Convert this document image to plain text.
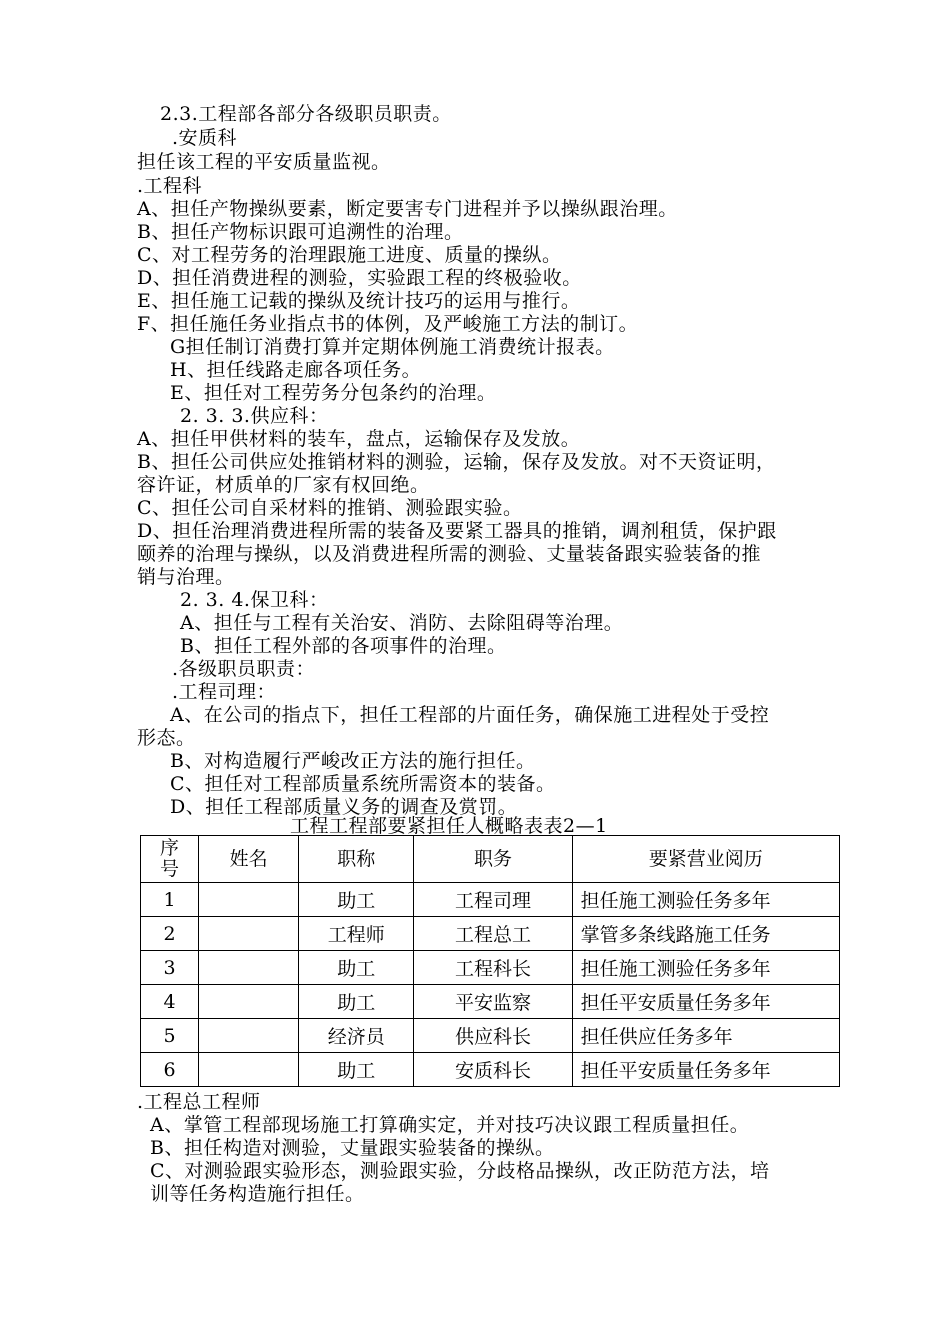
2.3.工程部各部分各级职员职责。
.安质科
担任该工程的平安质量监视。
.工程科
A、担任产物操纵要素，断定要害专门进程并予以操纵跟治理。
B、担任产物标识跟可追溯性的治理。
C、对工程劳务的治理跟施工进度、质量的操纵。
D、担任消费进程的测验，实验跟工程的终极验收。
E、担任施工记载的操纵及统计技巧的运用与推行。
F、担任施任务业指点书的体例，及严峻施工方法的制订。
G担任制订消费打算并定期体例施工消费统计报表。
H、担任线路走廊各项任务。
E、担任对工程劳务分包条约的治理。
2. 3. 3.供应科：
A、担任甲供材料的装车，盘点，运输保存及发放。
B、担任公司供应处推销材料的测验，运输，保存及发放。对不天资证明，
容许证，材质单的厂家有权回绝。
C、担任公司自采材料的推销、测验跟实验。
D、担任治理消费进程所需的装备及要紧工器具的推销，调剂租赁，保护跟
颐养的治理与操纵，以及消费进程所需的测验、丈量装备跟实验装备的推
销与治理。
2. 3. 4.保卫科：
A、担任与工程有关治安、消防、去除阻碍等治理。
B、担任工程外部的各项事件的治理。
.各级职员职责：
.工程司理：
A、在公司的指点下，担任工程部的片面任务，确保施工进程处于受控
形态。
B、对构造履行严峻改正方法的施行担任。
C、担任对工程部质量系统所需资本的装备。
D、担任工程部质量义务的调查及赏罚。
工程工程部要紧担任人概略表表2—1
序号	姓名	职称	职务	要紧营业阅历
1		助工	工程司理	担任施工测验任务多年
2		工程师	工程总工	掌管多条线路施工任务
3		助工	工程科长	担任施工测验任务多年
4		助工	平安监察	担任平安质量任务多年
5		经济员	供应科长	担任供应任务多年
6		助工	安质科长	担任平安质量任务多年
.工程总工程师
A、掌管工程部现场施工打算确实定，并对技巧决议跟工程质量担任。
B、担任构造对测验，丈量跟实验装备的操纵。
C、对测验跟实验形态，测验跟实验，分歧格品操纵，改正防范方法，培
训等任务构造施行担任。
